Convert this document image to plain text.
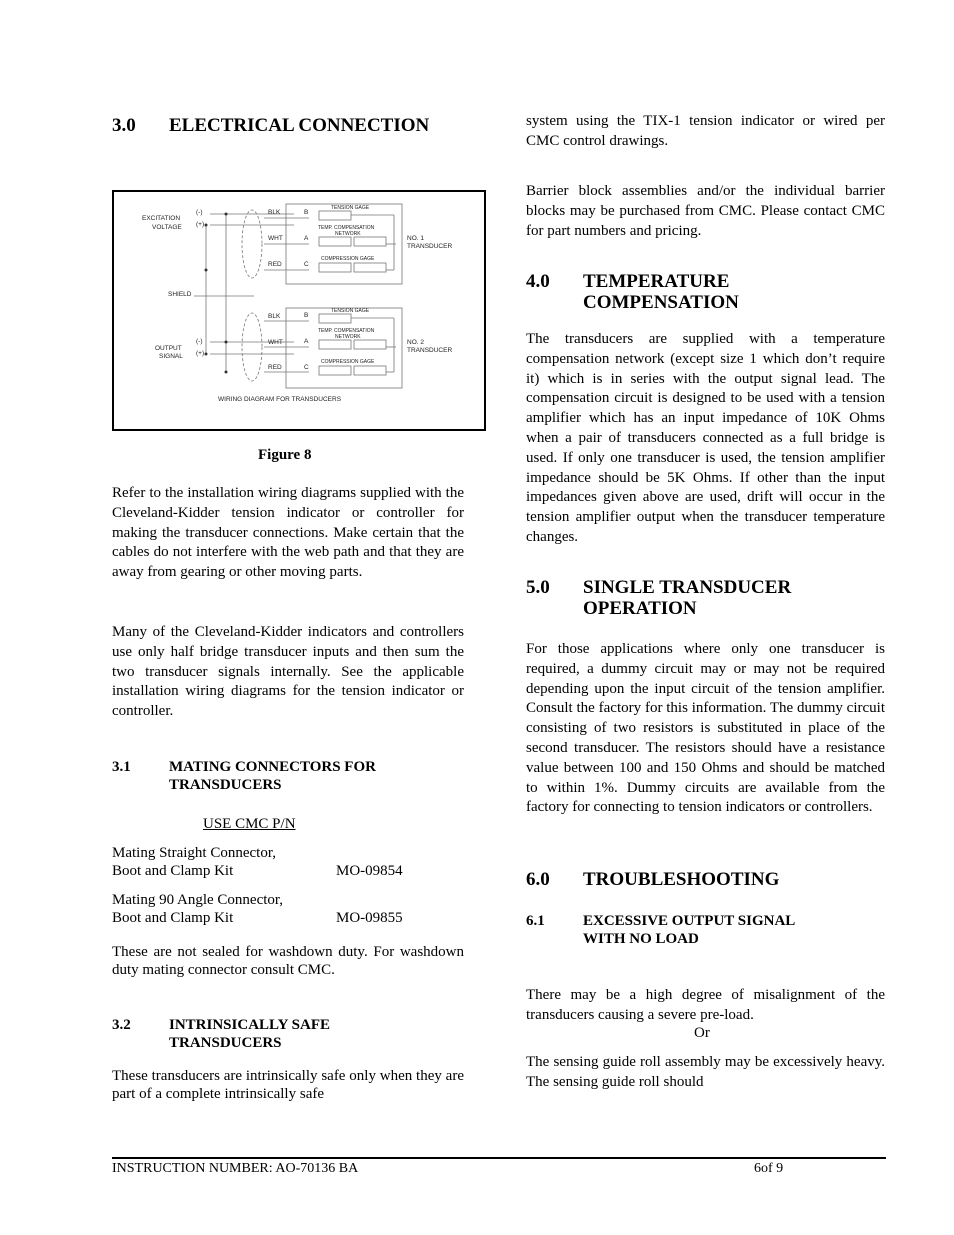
3.0	ELECTRICAL CONNECTION
EXCITATION
VOLTAGE
(-)
(+)
SHIELD
OUTPUT
SIGNAL
(-)
(+)
BLK
WHT
RED
BLK
WHT
RED
B
A
C
B
A
C
NO. 1
TRANSDUCER
NO. 2
TRANSDUCER
WIRING DIAGRAM FOR TRANSDUCERS
TENSION GAGE
TEMP. COMPENSATION
NETWORK
COMPRESSION GAGE
TENSION GAGE
TEMP. COMPENSATION
NETWORK
COMPRESSION GAGE
Figure 8

Refer to the installation wiring diagrams supplied with the Cleveland-Kidder tension indicator or controller for making the transducer connections. Make certain that the cables do not interfere with the web path and that they are away from gearing or other moving parts.

Many of the Cleveland-Kidder indicators and controllers use only half bridge transducer inputs and then sum the two transducer signals internally. See the applicable installation wiring diagrams for the tension indicator or controller.

3.1	MATING CONNECTORS FOR
TRANSDUCERS
USE CMC P/N
Mating Straight Connector,
Boot and Clamp Kit	MO-09854
Mating 90 Angle Connector,
Boot and Clamp Kit	MO-09855

These are not sealed for washdown duty. For washdown duty mating connector consult CMC.

3.2	INTRINSICALLY SAFE
TRANSDUCERS

These transducers are intrinsically safe only when they are part of a complete intrinsically safe

system using the TIX-1 tension indicator or wired per CMC control drawings.

Barrier block assemblies and/or the individual barrier blocks may be purchased from CMC. Please contact CMC for part numbers and pricing.

4.0	TEMPERATURE
COMPENSATION

The transducers are supplied with a temperature compensation network (except size 1 which don’t require it) which is in series with the output signal lead. The compensation circuit is designed to be used with a tension amplifier which has an input impedance of 10K Ohms when a pair of transducers connected as a full bridge is used. If only one transducer is used, the tension amplifier impedance should be 5K Ohms. If other than the input impedances given above are used, drift will occur in the tension amplifier output when the transducer temperature changes.

5.0	SINGLE TRANSDUCER
OPERATION

For those applications where only one transducer is required, a dummy circuit may or may not be required depending upon the input circuit of the tension amplifier. Consult the factory for this information. The dummy circuit consisting of two resistors is substituted in place of the second transducer. The resistors should have a resistance value between 100 and 150 Ohms and should be matched to within 1%. Dummy circuits are available from the factory for connecting to tension indicators or controllers.

6.0	TROUBLESHOOTING
6.1	EXCESSIVE OUTPUT SIGNAL
WITH NO LOAD

There may be a high degree of misalignment of the transducers causing a severe pre-load.

Or

The sensing guide roll assembly may be excessively heavy. The sensing guide roll should

INSTRUCTION NUMBER: AO-70136 BA	6of 9
